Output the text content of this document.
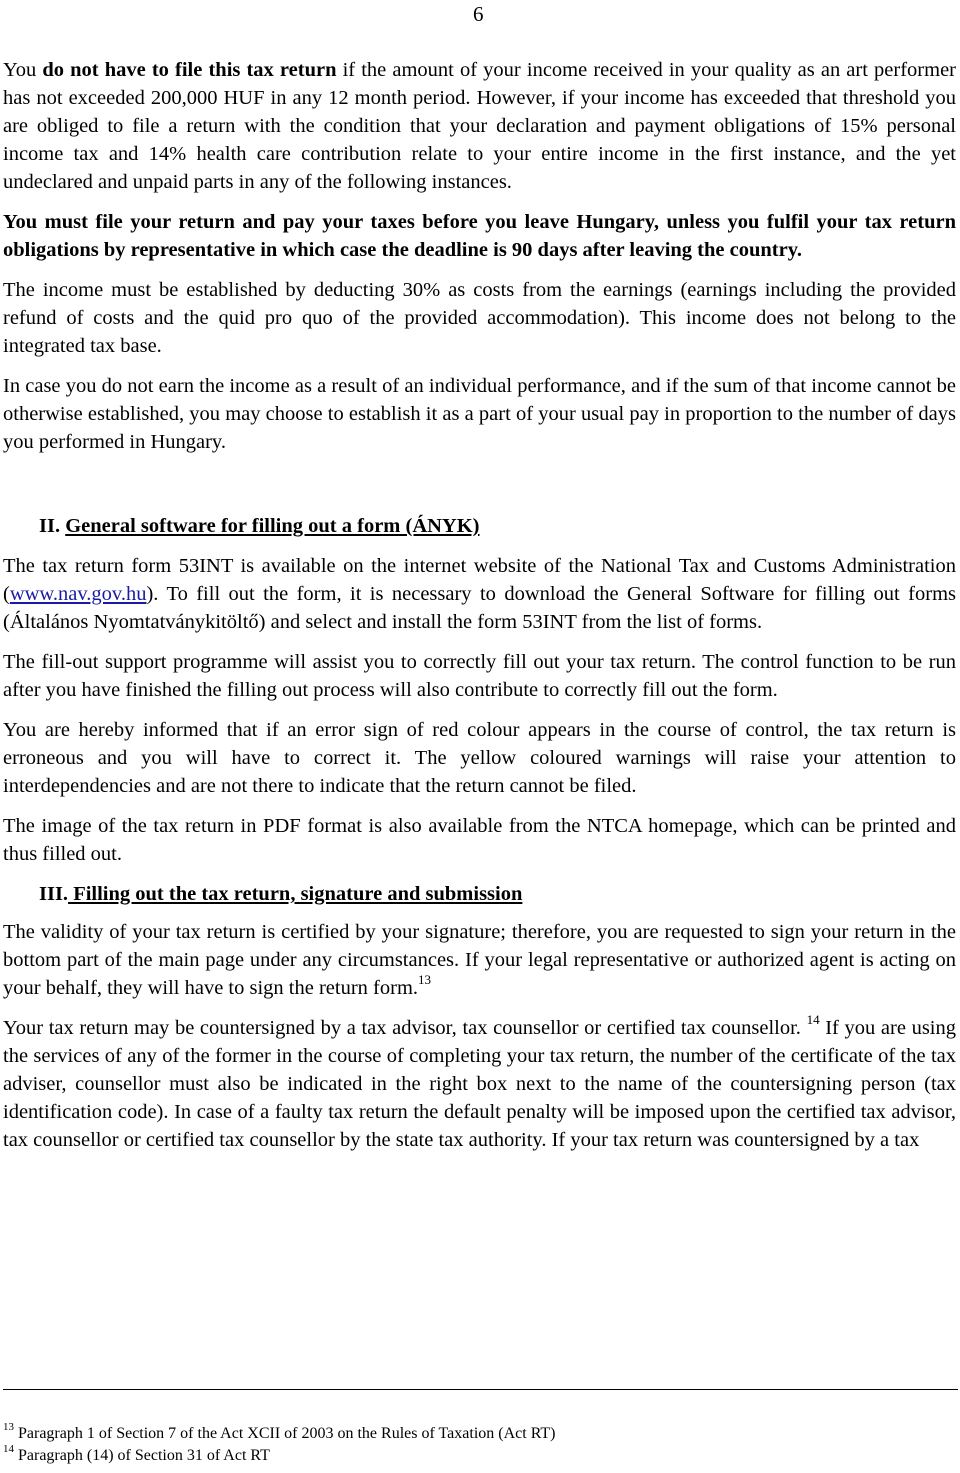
6

You do not have to file this tax return if the amount of your income received in your quality as an art performer has not exceeded 200,000 HUF in any 12 month period. However, if your income has exceeded that threshold you are obliged to file a return with the condition that your declaration and payment obligations of 15% personal income tax and 14% health care contribution relate to your entire income in the first instance, and the yet undeclared and unpaid parts in any of the following instances.

You must file your return and pay your taxes before you leave Hungary, unless you fulfil your tax return obligations by representative in which case the deadline is 90 days after leaving the country.

The income must be established by deducting 30% as costs from the earnings (earnings including the provided refund of costs and the quid pro quo of the provided accommodation). This income does not belong to the integrated tax base.

In case you do not earn the income as a result of an individual performance, and if the sum of that income cannot be otherwise established, you may choose to establish it as a part of your usual pay in proportion to the number of days you performed in Hungary.

II. General software for filling out a form (ÁNYK)

The tax return form 53INT is available on the internet website of the National Tax and Customs Administration (www.nav.gov.hu). To fill out the form, it is necessary to download the General Software for filling out forms (Általános Nyomtatványkitöltő) and select and install the form 53INT from the list of forms.

The fill-out support programme will assist you to correctly fill out your tax return. The control function to be run after you have finished the filling out process will also contribute to correctly fill out the form.

You are hereby informed that if an error sign of red colour appears in the course of control, the tax return is erroneous and you will have to correct it. The yellow coloured warnings will raise your attention to interdependencies and are not there to indicate that the return cannot be filed.

The image of the tax return in PDF format is also available from the NTCA homepage, which can be printed and thus filled out.

III. Filling out the tax return, signature and submission

The validity of your tax return is certified by your signature; therefore, you are requested to sign your return in the bottom part of the main page under any circumstances. If your legal representative or authorized agent is acting on your behalf, they will have to sign the return form.$^{13}$

Your tax return may be countersigned by a tax advisor, tax counsellor or certified tax counsellor. $^{14}$ If you are using the services of any of the former in the course of completing your tax return, the number of the certificate of the tax adviser, counsellor must also be indicated in the right box next to the name of the countersigning person (tax identification code). In case of a faulty tax return the default penalty will be imposed upon the certified tax advisor, tax counsellor or certified tax counsellor by the state tax authority. If your tax return was countersigned by a tax

$^{13}$ Paragraph 1 of Section 7 of the Act XCII of 2003 on the Rules of Taxation (Act RT)

$^{14}$ Paragraph (14) of Section 31 of Act RT
